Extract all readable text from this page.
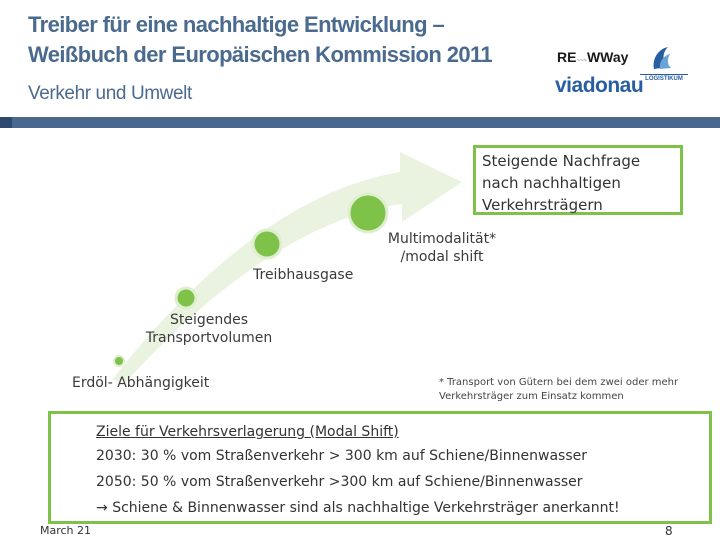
Treiber für eine nachhaltige Entwicklung –
Weißbuch der Europäischen Kommission 2011
Verkehr und Umwelt
RE~~~WWay
viadonau LOGISTIKUM
Erdöl- Abhängigkeit
Steigendes
Transportvolumen
Treibhausgase
Multimodalität*
/modal shift
Steigende Nachfrage
nach nachhaltigen
Verkehrsträgern
* Transport von Gütern bei dem zwei oder mehr
Verkehrsträger zum Einsatz kommen
Ziele für Verkehrsverlagerung (Modal Shift)
2030: 30 % vom Straßenverkehr > 300 km auf Schiene/Binnenwasser
2050: 50 % vom Straßenverkehr >300 km auf Schiene/Binnenwasser
→ Schiene & Binnenwasser sind als nachhaltige Verkehrsträger anerkannt!
March 21	8
